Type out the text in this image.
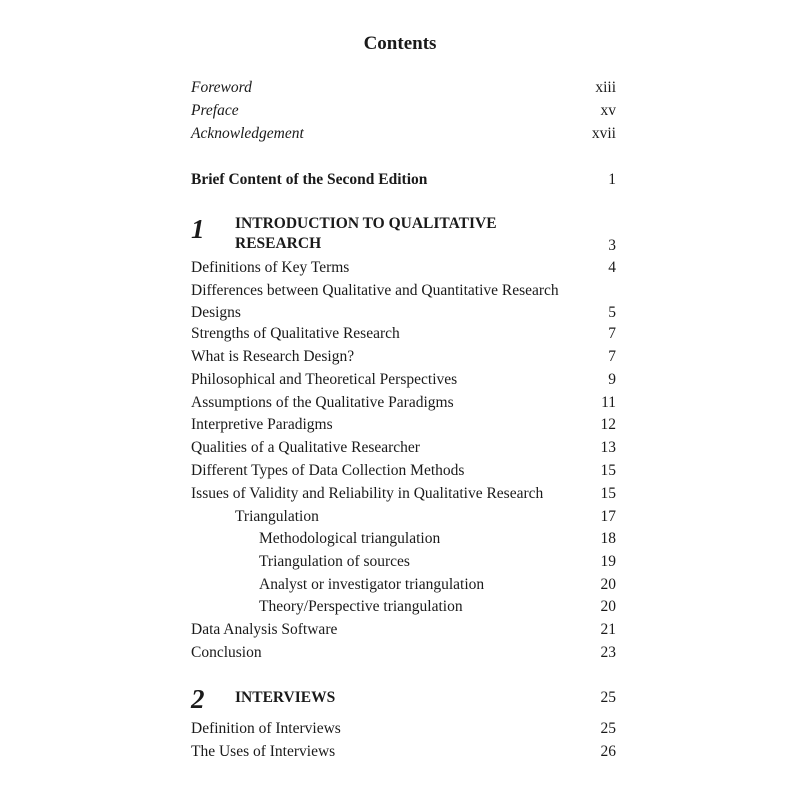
Contents
Foreword	xiii
Preface	xv
Acknowledgement	xvii
Brief Content of the Second Edition	1
1 INTRODUCTION TO QUALITATIVE
RESEARCH	3
Definitions of Key Terms	4
Differences between Qualitative and Quantitative Research
Designs	5
Strengths of Qualitative Research	7
What is Research Design?	7
Philosophical and Theoretical Perspectives	9
Assumptions of the Qualitative Paradigms	11
Interpretive Paradigms	12
Qualities of a Qualitative Researcher	13
Different Types of Data Collection Methods	15
Issues of Validity and Reliability in Qualitative Research	15
Triangulation	17
Methodological triangulation	18
Triangulation of sources	19
Analyst or investigator triangulation	20
Theory/Perspective triangulation	20
Data Analysis Software	21
Conclusion	23
2 INTERVIEWS	25
Definition of Interviews	25
The Uses of Interviews	26
